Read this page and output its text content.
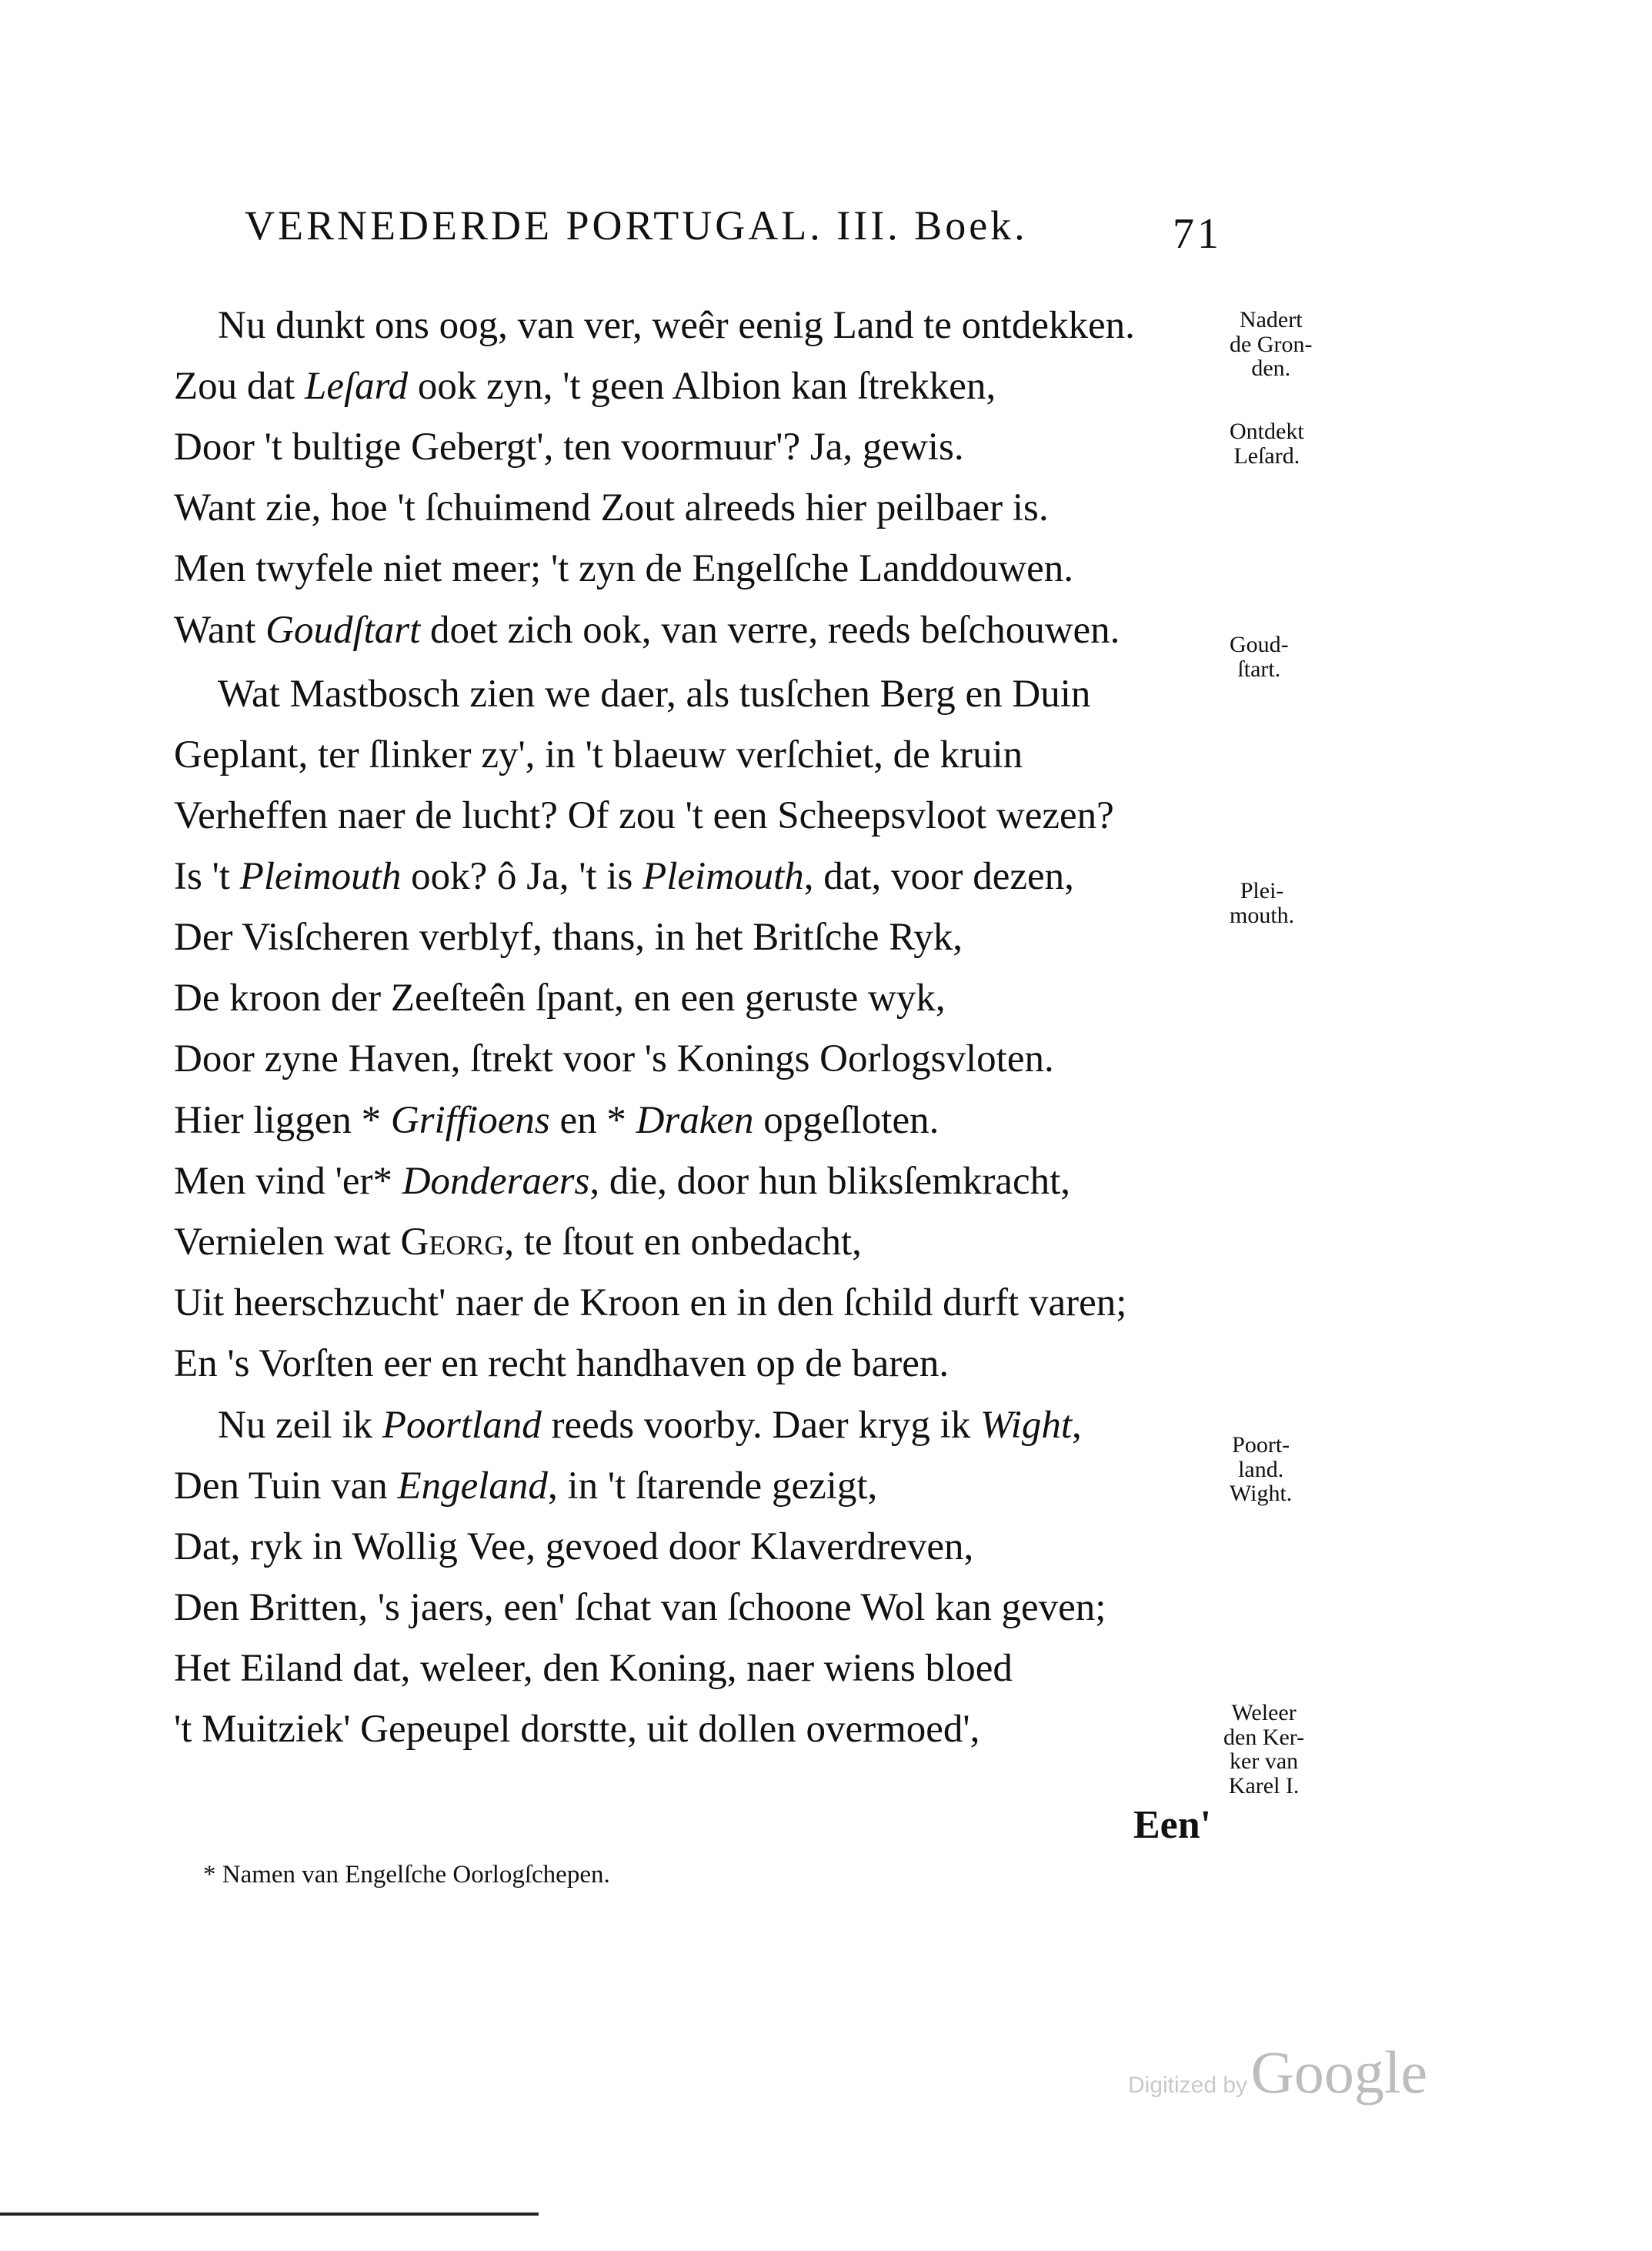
VERNEDERDE PORTUGAL. III. Boek.	71
Nu dunkt ons oog, van ver, weêr eenig Land te ontdekken.
Zou dat Leſard ook zyn, 't geen Albion kan ſtrekken,
Door 't bultige Gebergt', ten voormuur'? Ja, gewis.
Want zie, hoe 't ſchuimend Zout alreeds hier peilbaer is.
Men twyfele niet meer; 't zyn de Engelſche Landdouwen.
Want Goudſtart doet zich ook, van verre, reeds beſchouwen.
Wat Mastbosch zien we daer, als tusſchen Berg en Duin
Geplant, ter ſlinker zy', in 't blaeuw verſchiet, de kruin
Verheffen naer de lucht? Of zou 't een Scheepsvloot wezen?
Is 't Pleimouth ook? ô Ja, 't is Pleimouth, dat, voor dezen,
Der Visſcheren verblyf, thans, in het Britſche Ryk,
De kroon der Zeeſteên ſpant, en een geruste wyk,
Door zyne Haven, ſtrekt voor 's Konings Oorlogsvloten.
Hier liggen * Griffioens en * Draken opgeſloten.
Men vind 'er* Donderaers, die, door hun bliksſemkracht,
Vernielen wat Georg, te ſtout en onbedacht,
Uit heerschzucht' naer de Kroon en in den ſchild durft varen;
En 's Vorſten eer en recht handhaven op de baren.
Nu zeil ik Poortland reeds voorby. Daer kryg ik Wight,
Den Tuin van Engeland, in 't ſtarende gezigt,
Dat, ryk in Wollig Vee, gevoed door Klaverdreven,
Den Britten, 's jaers, een' ſchat van ſchoone Wol kan geven;
Het Eiland dat, weleer, den Koning, naer wiens bloed
't Muitziek' Gepeupel dorstte, uit dollen overmoed',
Nadert
de Gron-
den.
Ontdekt
Leſard.
Goud-
ſtart.
Plei-
mouth.
Poort-
land.
Wight.
Weleer
den Ker-
ker van
Karel I.
Een'
* Namen van Engelſche Oorlogſchepen.
Digitized by Google
